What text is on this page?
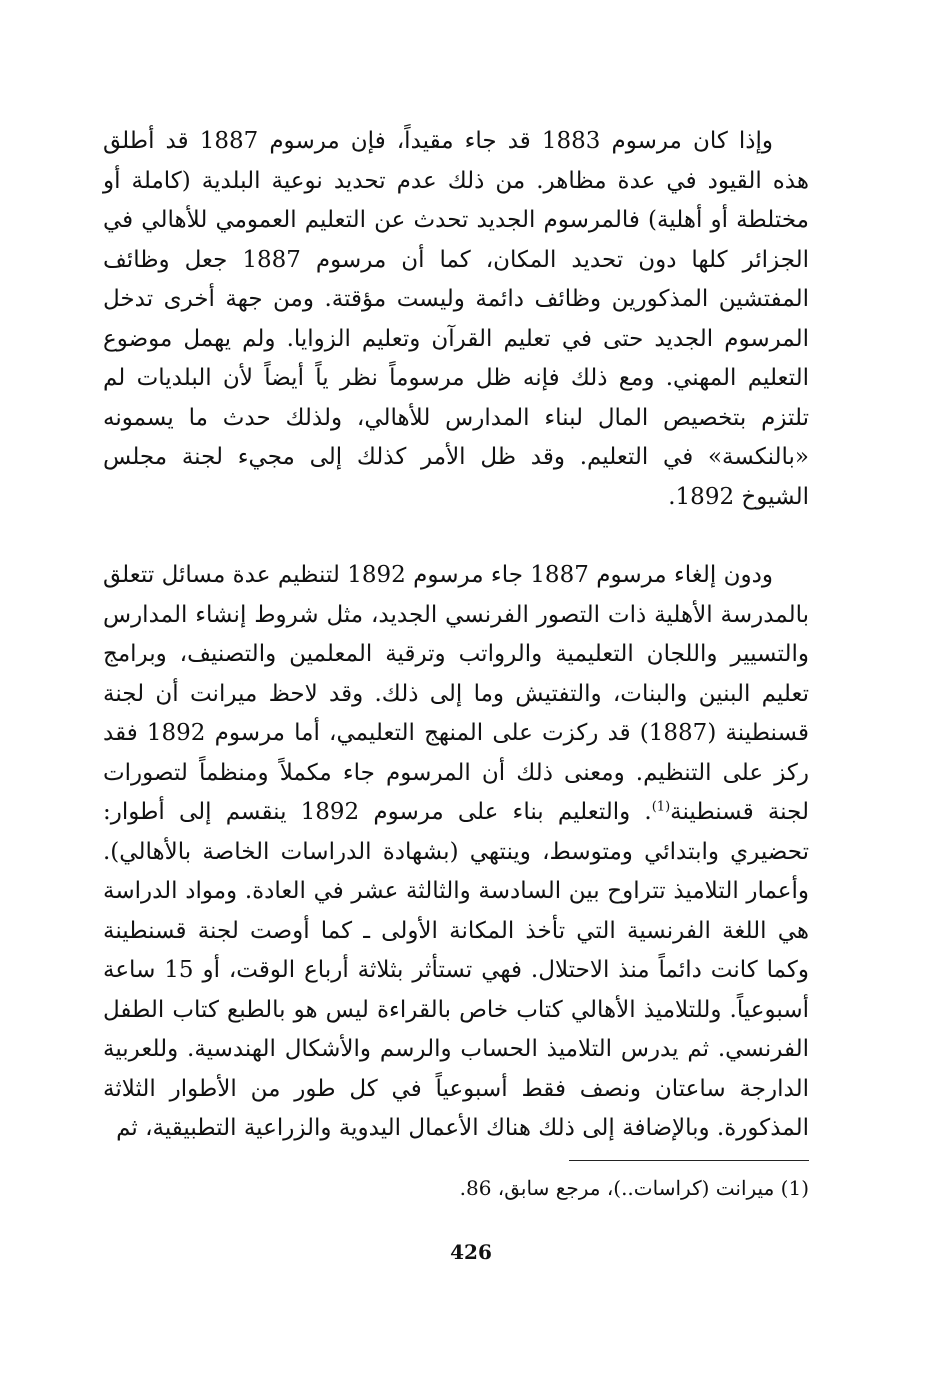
وإذا كان مرسوم 1883 قد جاء مقيداً، فإن مرسوم 1887 قد أطلق هذه القيود في عدة مظاهر. من ذلك عدم تحديد نوعية البلدية (كاملة أو مختلطة أو أهلية) فالمرسوم الجديد تحدث عن التعليم العمومي للأهالي في الجزائر كلها دون تحديد المكان، كما أن مرسوم 1887 جعل وظائف المفتشين المذكورين وظائف دائمة وليست مؤقتة. ومن جهة أخرى تدخل المرسوم الجديد حتى في تعليم القرآن وتعليم الزوايا. ولم يهمل موضوع التعليم المهني. ومع ذلك فإنه ظل مرسوماً نظر ياً أيضاً لأن البلديات لم تلتزم بتخصيص المال لبناء المدارس للأهالي، ولذلك حدث ما يسمونه «بالنكسة» في التعليم. وقد ظل الأمر كذلك إلى مجيء لجنة مجلس الشيوخ 1892.

ودون إلغاء مرسوم 1887 جاء مرسوم 1892 لتنظيم عدة مسائل تتعلق بالمدرسة الأهلية ذات التصور الفرنسي الجديد، مثل شروط إنشاء المدارس والتسيير واللجان التعليمية والرواتب وترقية المعلمين والتصنيف، وبرامج تعليم البنين والبنات، والتفتيش وما إلى ذلك. وقد لاحظ ميرانت أن لجنة قسنطينة (1887) قد ركزت على المنهج التعليمي، أما مرسوم 1892 فقد ركز على التنظيم. ومعنى ذلك أن المرسوم جاء مكملاً ومنظماً لتصورات لجنة قسنطينة$^{(1)}$. والتعليم بناء على مرسوم 1892 ينقسم إلى أطوار: تحضيري وابتدائي ومتوسط، وينتهي (بشهادة الدراسات الخاصة بالأهالي). وأعمار التلاميذ تتراوح بين السادسة والثالثة عشر في العادة. ومواد الدراسة هي اللغة الفرنسية التي تأخذ المكانة الأولى ـ كما أوصت لجنة قسنطينة وكما كانت دائماً منذ الاحتلال. فهي تستأثر بثلاثة أرباع الوقت، أو 15 ساعة أسبوعياً. وللتلاميذ الأهالي كتاب خاص بالقراءة ليس هو بالطبع كتاب الطفل الفرنسي. ثم يدرس التلاميذ الحساب والرسم والأشكال الهندسية. وللعربية الدارجة ساعتان ونصف فقط أسبوعياً في كل طور من الأطوار الثلاثة المذكورة. وبالإضافة إلى ذلك هناك الأعمال اليدوية والزراعية التطبيقية، ثم

(1) ميرانت (كراسات..)، مرجع سابق، 86.
426
